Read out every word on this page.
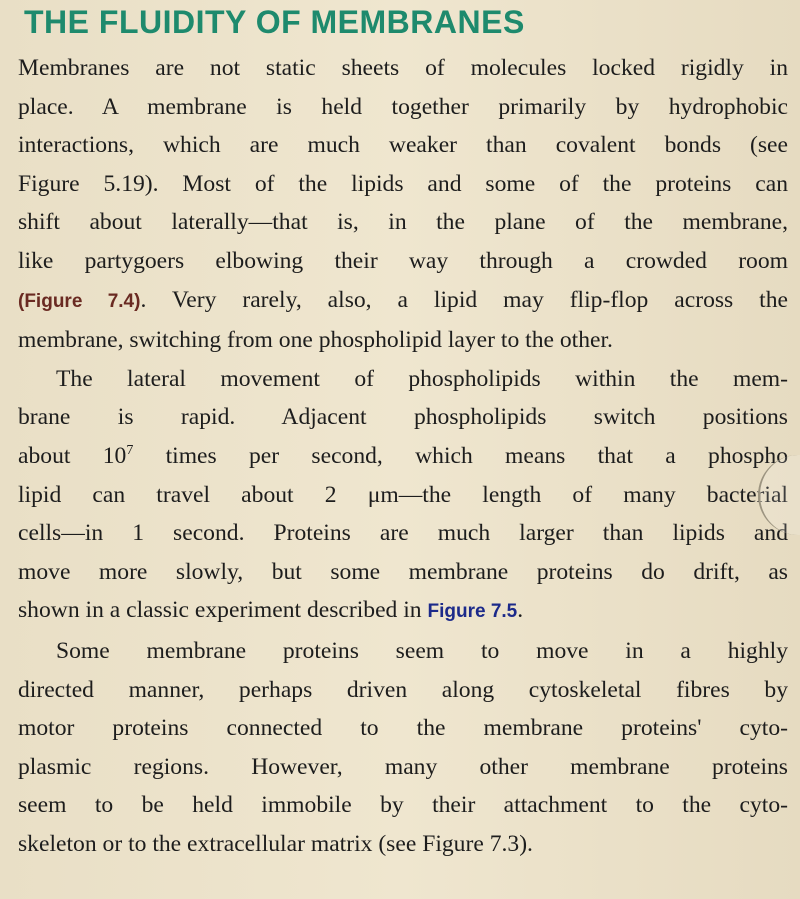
THE FLUIDITY OF MEMBRANES
Membranes are not static sheets of molecules locked rigidly in
place. A membrane is held together primarily by hydrophobic
interactions, which are much weaker than covalent bonds (see
Figure 5.19). Most of the lipids and some of the proteins can
shift about laterally—that is, in the plane of the membrane,
like partygoers elbowing their way through a crowded room
(Figure 7.4). Very rarely, also, a lipid may flip-flop across the
membrane, switching from one phospholipid layer to the other.
The lateral movement of phospholipids within the mem-
brane is rapid. Adjacent phospholipids switch positions
about $10^7$ times per second, which means that a phospho
lipid can travel about 2 μm—the length of many bacterial
cells—in 1 second. Proteins are much larger than lipids and
move more slowly, but some membrane proteins do drift, as
shown in a classic experiment described in Figure 7.5.
Some membrane proteins seem to move in a highly
directed manner, perhaps driven along cytoskeletal fibres by
motor proteins connected to the membrane proteins' cyto-
plasmic regions. However, many other membrane proteins
seem to be held immobile by their attachment to the cyto-
skeleton or to the extracellular matrix (see Figure 7.3).
